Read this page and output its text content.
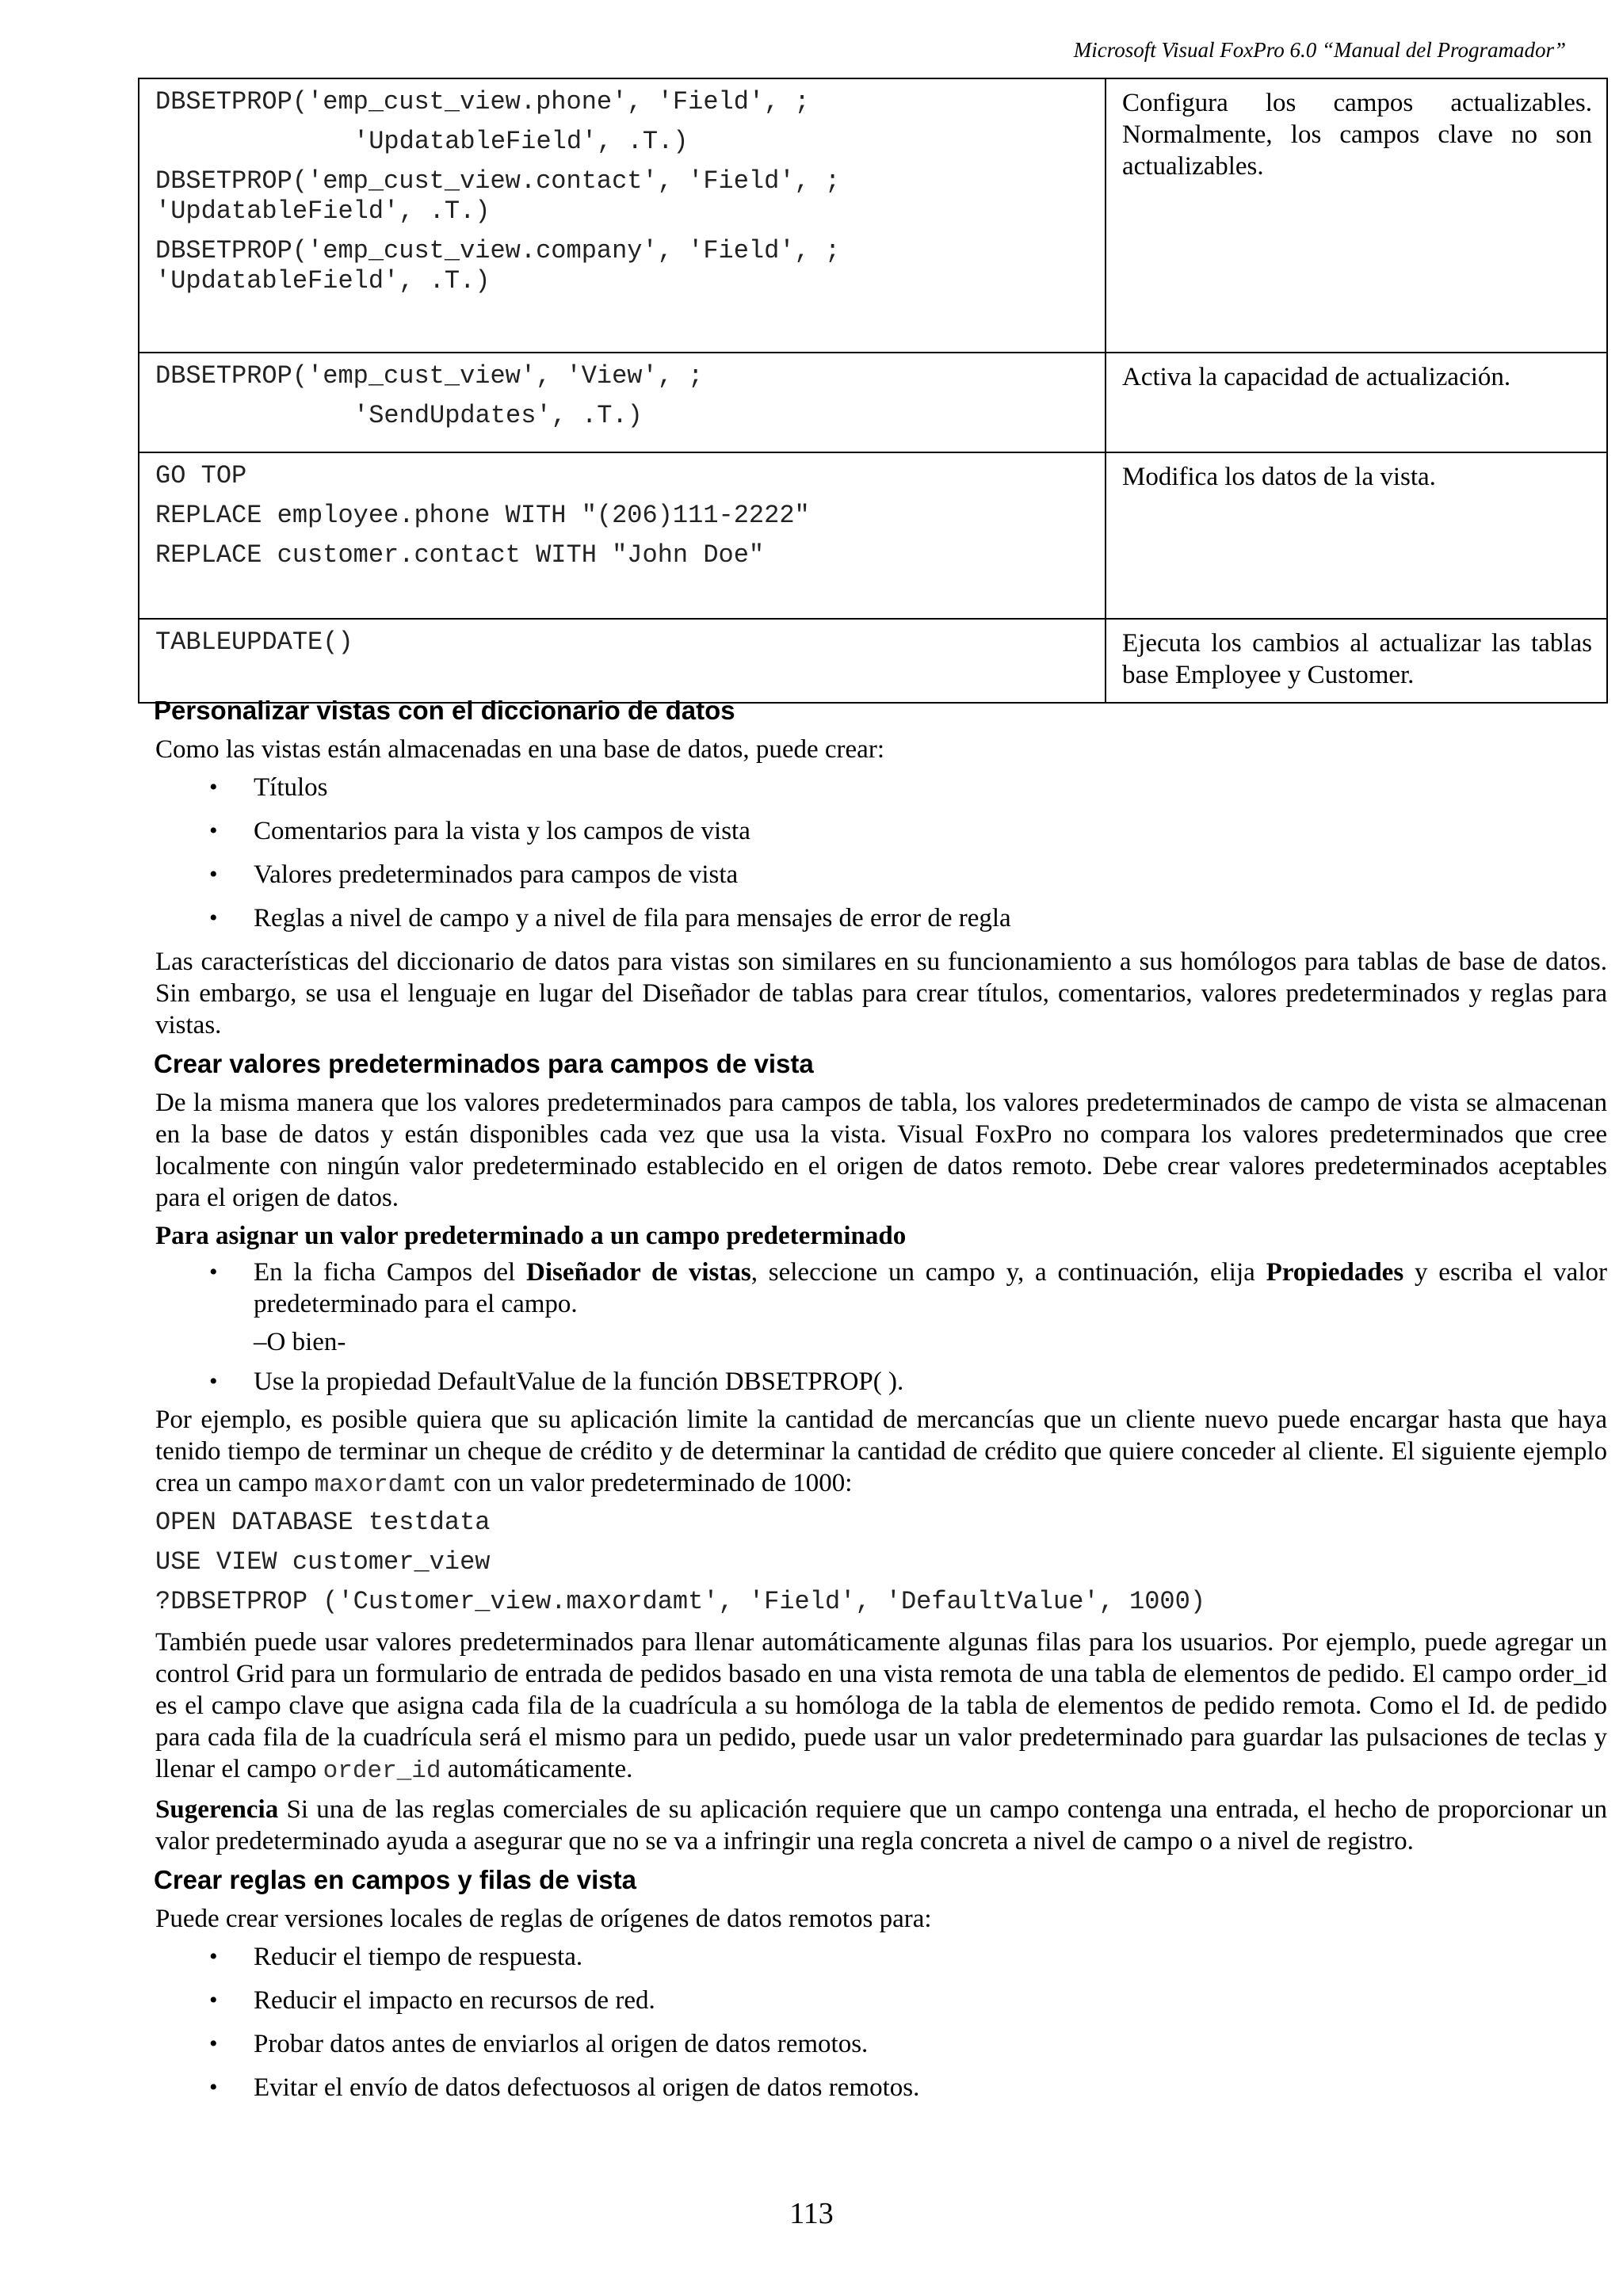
Microsoft Visual FoxPro 6.0 “Manual del Programador”
DBSETPROP('emp_cust_view.phone', 'Field', ;
'UpdatableField', .T.)
DBSETPROP('emp_cust_view.contact', 'Field', ; 'UpdatableField', .T.)
DBSETPROP('emp_cust_view.company', 'Field', ; 'UpdatableField', .T.)	Configura los campos actualizables. Normalmente, los campos clave no son actualizables.

DBSETPROP('emp_cust_view', 'View', ;
'SendUpdates', .T.)	Activa la capacidad de actualización.

GO TOP
REPLACE employee.phone WITH "(206)111-2222"
REPLACE customer.contact WITH "John Doe"	Modifica los datos de la vista.

TABLEUPDATE()	Ejecuta los cambios al actualizar las tablas base Employee y Customer.
Personalizar vistas con el diccionario de datos

Como las vistas están almacenadas en una base de datos, puede crear:

• Títulos
• Comentarios para la vista y los campos de vista
• Valores predeterminados para campos de vista
• Reglas a nivel de campo y a nivel de fila para mensajes de error de regla

Las características del diccionario de datos para vistas son similares en su funcionamiento a sus homólogos para tablas de base de datos. Sin embargo, se usa el lenguaje en lugar del Diseñador de tablas para crear títulos, comentarios, valores predeterminados y reglas para vistas.

Crear valores predeterminados para campos de vista

De la misma manera que los valores predeterminados para campos de tabla, los valores predeterminados de campo de vista se almacenan en la base de datos y están disponibles cada vez que usa la vista. Visual FoxPro no compara los valores predeterminados que cree localmente con ningún valor predeterminado establecido en el origen de datos remoto. Debe crear valores predeterminados aceptables para el origen de datos.

Para asignar un valor predeterminado a un campo predeterminado

• En la ficha Campos del Diseñador de vistas, seleccione un campo y, a continuación, elija Propiedades y escriba el valor predeterminado para el campo.
–O bien-
• Use la propiedad DefaultValue de la función DBSETPROP( ).

Por ejemplo, es posible quiera que su aplicación limite la cantidad de mercancías que un cliente nuevo puede encargar hasta que haya tenido tiempo de terminar un cheque de crédito y de determinar la cantidad de crédito que quiere conceder al cliente. El siguiente ejemplo crea un campo maxordamt con un valor predeterminado de 1000:

OPEN DATABASE testdata
USE VIEW customer_view
?DBSETPROP ('Customer_view.maxordamt', 'Field', 'DefaultValue', 1000)

También puede usar valores predeterminados para llenar automáticamente algunas filas para los usuarios. Por ejemplo, puede agregar un control Grid para un formulario de entrada de pedidos basado en una vista remota de una tabla de elementos de pedido. El campo order_id es el campo clave que asigna cada fila de la cuadrícula a su homóloga de la tabla de elementos de pedido remota. Como el Id. de pedido para cada fila de la cuadrícula será el mismo para un pedido, puede usar un valor predeterminado para guardar las pulsaciones de teclas y llenar el campo order_id automáticamente.

Sugerencia Si una de las reglas comerciales de su aplicación requiere que un campo contenga una entrada, el hecho de proporcionar un valor predeterminado ayuda a asegurar que no se va a infringir una regla concreta a nivel de campo o a nivel de registro.

Crear reglas en campos y filas de vista

Puede crear versiones locales de reglas de orígenes de datos remotos para:

• Reducir el tiempo de respuesta.
• Reducir el impacto en recursos de red.
• Probar datos antes de enviarlos al origen de datos remotos.
• Evitar el envío de datos defectuosos al origen de datos remotos.
113
